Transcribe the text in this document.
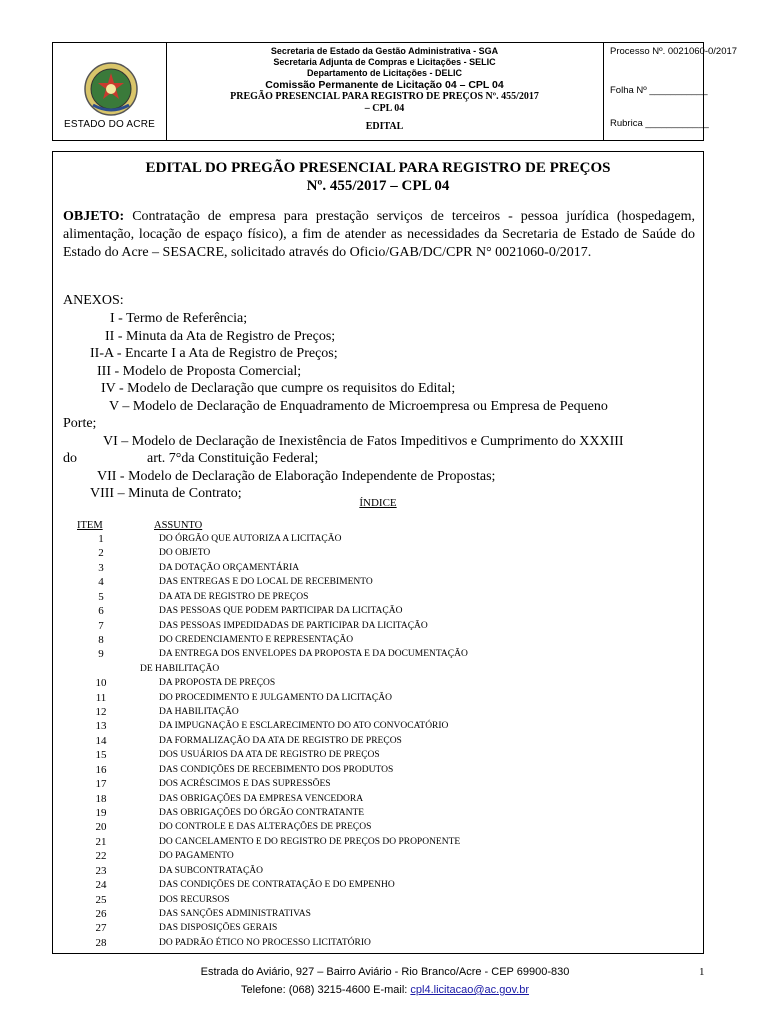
ESTADO DO ACRE
Secretaria de Estado da Gestão Administrativa - SGA
Secretaria Adjunta de Compras e Licitações - SELIC
Departamento de Licitações - DELIC
Comissão Permanente de Licitação 04 – CPL 04
PREGÃO PRESENCIAL PARA REGISTRO DE PREÇOS Nº. 455/2017
– CPL 04
EDITAL
Processo Nº. 0021060-0/2017
Folha Nº ___________
Rubrica ____________
EDITAL DO PREGÃO PRESENCIAL PARA REGISTRO DE PREÇOS
Nº. 455/2017 – CPL 04
OBJETO: Contratação de empresa para prestação serviços de terceiros - pessoa jurídica (hospedagem, alimentação, locação de espaço físico), a fim de atender as necessidades da Secretaria de Estado de Saúde do Estado do Acre – SESACRE, solicitado através do Oficio/GAB/DC/CPR N° 0021060-0/2017.
ANEXOS:
I - Termo de Referência;
II - Minuta da Ata de Registro de Preços;
II-A - Encarte I a Ata de Registro de Preços;
III - Modelo de Proposta Comercial;
IV - Modelo de Declaração que cumpre os requisitos do Edital;
V – Modelo de Declaração de Enquadramento de Microempresa ou Empresa de Pequeno
Porte;
VI – Modelo de Declaração de Inexistência de Fatos Impeditivos e Cumprimento do XXXIII
do	art. 7°da Constituição Federal;
VII - Modelo de Declaração de Elaboração Independente de Propostas;
VIII – Minuta de Contrato;
ÍNDICE
ITEM	ASSUNTO
1	DO ÓRGÃO QUE AUTORIZA A LICITAÇÃO
2	DO OBJETO
3	DA DOTAÇÃO ORÇAMENTÁRIA
4	DAS ENTREGAS E DO LOCAL DE RECEBIMENTO
5	DA ATA DE REGISTRO DE PREÇOS
6	DAS PESSOAS QUE PODEM PARTICIPAR DA LICITAÇÃO
7	DAS PESSOAS IMPEDIDADAS DE PARTICIPAR DA LICITAÇÃO
8	DO CREDENCIAMENTO E REPRESENTAÇÃO
9	DA ENTREGA DOS ENVELOPES DA PROPOSTA E DA DOCUMENTAÇÃO
DE HABILITAÇÃO
10	DA PROPOSTA DE PREÇOS
11	DO PROCEDIMENTO E JULGAMENTO DA LICITAÇÃO
12	DA HABILITAÇÃO
13	DA IMPUGNAÇÃO E ESCLARECIMENTO DO ATO CONVOCATÓRIO
14	DA FORMALIZAÇÃO DA ATA DE REGISTRO DE PREÇOS
15	DOS USUÁRIOS DA ATA DE REGISTRO DE PREÇOS
16	DAS CONDIÇÕES DE RECEBIMENTO DOS PRODUTOS
17	DOS ACRÉSCIMOS E DAS SUPRESSÕES
18	DAS OBRIGAÇÕES DA EMPRESA VENCEDORA
19	DAS OBRIGAÇÕES DO ÓRGÃO CONTRATANTE
20	DO CONTROLE E DAS ALTERAÇÕES DE PREÇOS
21	DO CANCELAMENTO E DO REGISTRO DE PREÇOS DO PROPONENTE
22	DO PAGAMENTO
23	DA SUBCONTRATAÇÃO
24	DAS CONDIÇÕES DE CONTRATAÇÃO E DO EMPENHO
25	DOS RECURSOS
26	DAS SANÇÕES ADMINISTRATIVAS
27	DAS DISPOSIÇÕES GERAIS
28	DO PADRÃO ÉTICO NO PROCESSO LICITATÓRIO
Estrada do Aviário, 927 – Bairro Aviário - Rio Branco/Acre - CEP 69900-830
Telefone: (068) 3215-4600 E-mail: cpl4.licitacao@ac.gov.br
1
